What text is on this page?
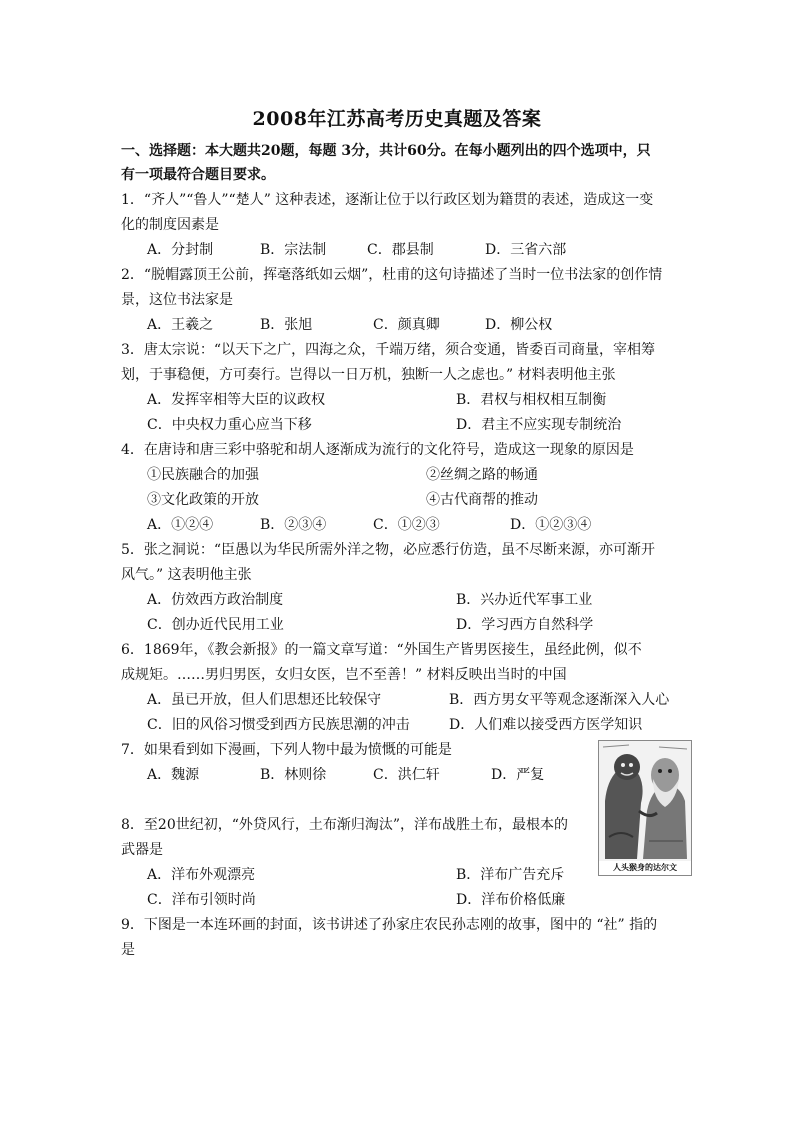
2008年江苏高考历史真题及答案
一、选择题：本大题共20题，每题 3分，共计60分。在每小题列出的四个选项中，只
有一项最符合题目要求。
1．“齐人”“鲁人”“楚人” 这种表述，逐渐让位于以行政区划为籍贯的表述，造成这一变
化的制度因素是
A．分封制	B．宗法制	C．郡县制	D．三省六部
2．“脱帽露顶王公前，挥毫落纸如云烟”，杜甫的这句诗描述了当时一位书法家的创作情
景，这位书法家是
A．王羲之	B．张旭	C．颜真卿	D．柳公权
3．唐太宗说：“以天下之广，四海之众，千端万绪，须合变通，皆委百司商量，宰相筹
划，于事稳便，方可奏行。岂得以一日万机，独断一人之虑也。” 材料表明他主张
A．发挥宰相等大臣的议政权	B．君权与相权相互制衡
C．中央权力重心应当下移	D．君主不应实现专制统治
4．在唐诗和唐三彩中骆驼和胡人逐渐成为流行的文化符号，造成这一现象的原因是
①民族融合的加强	②丝绸之路的畅通
③文化政策的开放	④古代商帮的推动
A．①②④	B．②③④	C．①②③	D．①②③④
5．张之洞说：“臣愚以为华民所需外洋之物，必应悉行仿造，虽不尽断来源，亦可渐开
风气。” 这表明他主张
A．仿效西方政治制度	B．兴办近代军事工业
C．创办近代民用工业	D．学习西方自然科学
6．1869年，《教会新报》的一篇文章写道：“外国生产皆男医接生，虽经此例，似不
成规矩。……男归男医，女归女医，岂不至善！” 材料反映出当时的中国
A．虽已开放，但人们思想还比较保守	B．西方男女平等观念逐渐深入人心
C．旧的风俗习惯受到西方民族思潮的冲击	D．人们难以接受西方医学知识
7．如果看到如下漫画，下列人物中最为愤慨的可能是
A．魏源	B．林则徐	C．洪仁轩	D．严复
人头猴身的达尔文
8．至20世纪初，“外贷风行，土布渐归淘汰”，洋布战胜土布，最根本的
武器是
A．洋布外观漂亮	B．洋布广告充斥
C．洋布引领时尚	D．洋布价格低廉
9．下图是一本连环画的封面，该书讲述了孙家庄农民孙志刚的故事，图中的 “社” 指的
是
